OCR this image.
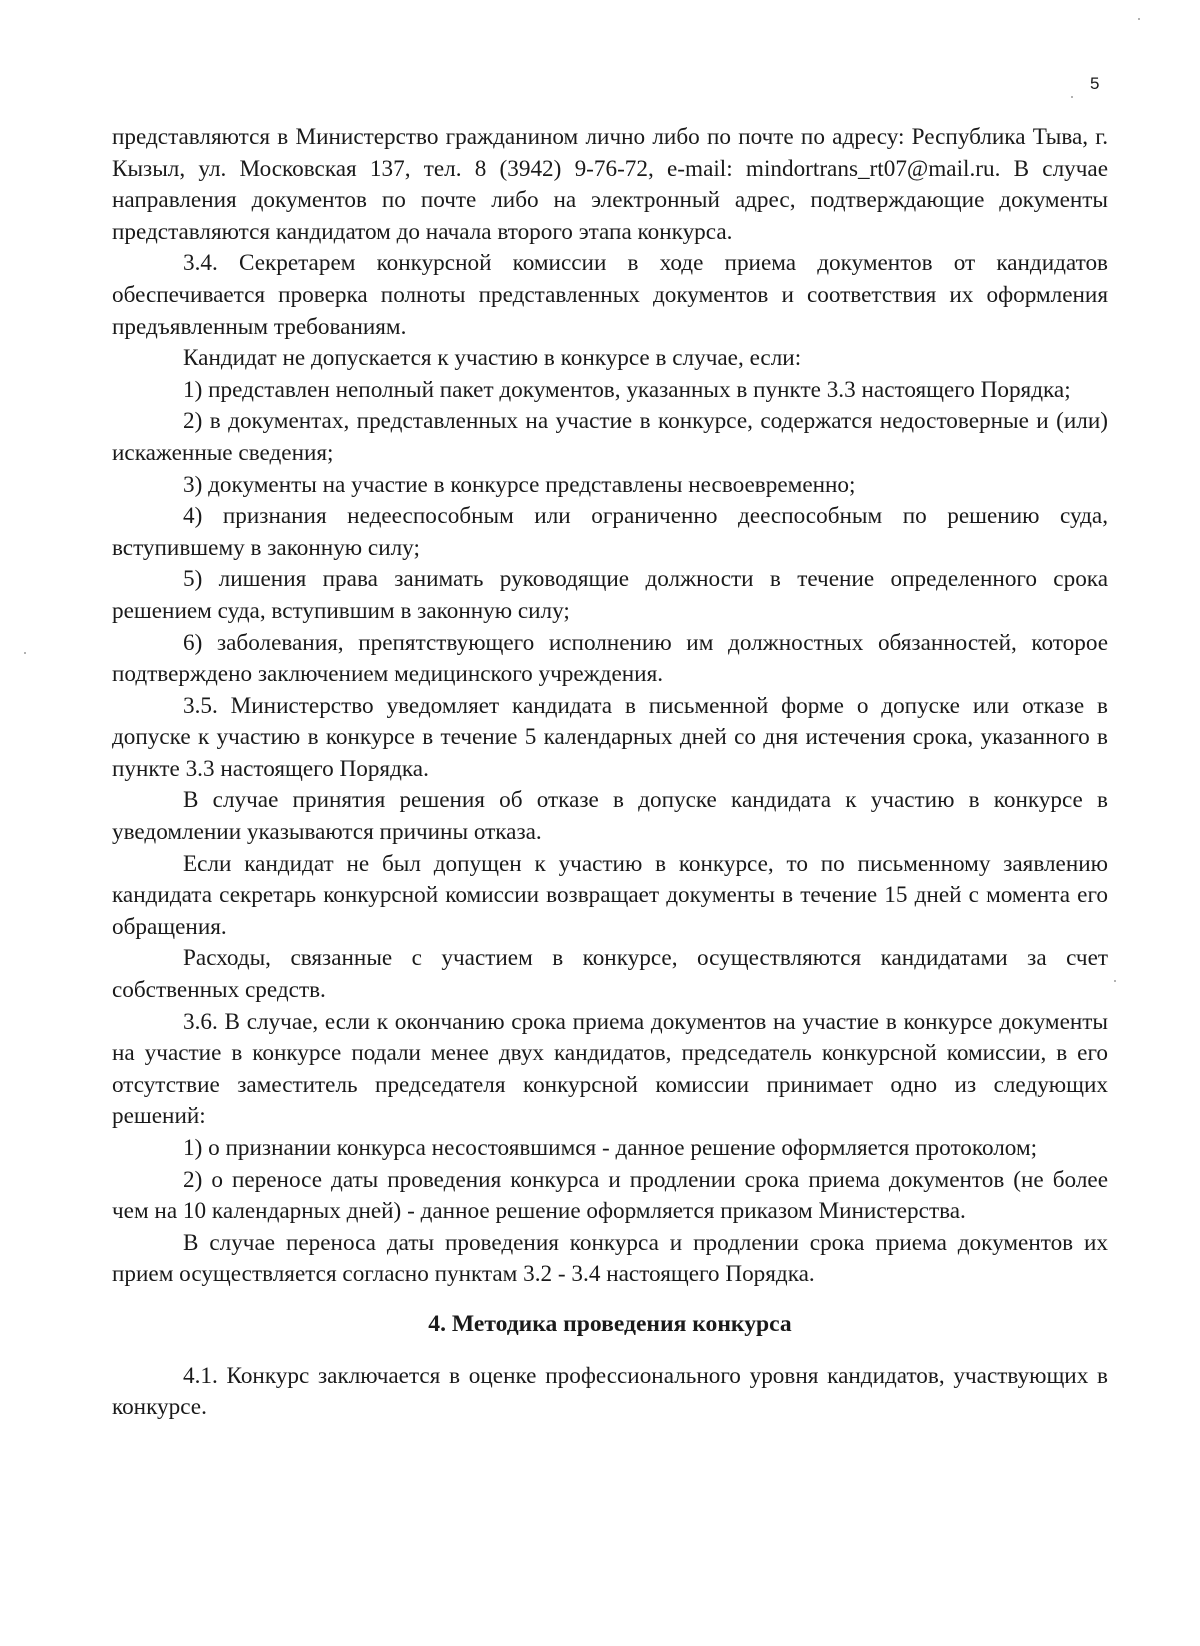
5

представляются в Министерство гражданином лично либо по почте по адресу: Республика Тыва, г. Кызыл, ул. Московская 137, тел. 8 (3942) 9-76-72, e-mail: mindortrans_rt07@mail.ru. В случае направления документов по почте либо на электронный адрес, подтверждающие документы представляются кандидатом до начала второго этапа конкурса.

3.4. Секретарем конкурсной комиссии в ходе приема документов от кандидатов обеспечивается проверка полноты представленных документов и соответствия их оформления предъявленным требованиям.

Кандидат не допускается к участию в конкурсе в случае, если:

1) представлен неполный пакет документов, указанных в пункте 3.3 настоящего Порядка;

2) в документах, представленных на участие в конкурсе, содержатся недостоверные и (или) искаженные сведения;

3) документы на участие в конкурсе представлены несвоевременно;

4) признания недееспособным или ограниченно дееспособным по решению суда, вступившему в законную силу;

5) лишения права занимать руководящие должности в течение определенного срока решением суда, вступившим в законную силу;

6) заболевания, препятствующего исполнению им должностных обязанностей, которое подтверждено заключением медицинского учреждения.

3.5. Министерство уведомляет кандидата в письменной форме о допуске или отказе в допуске к участию в конкурсе в течение 5 календарных дней со дня истечения срока, указанного в пункте 3.3 настоящего Порядка.

В случае принятия решения об отказе в допуске кандидата к участию в конкурсе в уведомлении указываются причины отказа.

Если кандидат не был допущен к участию в конкурсе, то по письменному заявлению кандидата секретарь конкурсной комиссии возвращает документы в течение 15 дней с момента его обращения.

Расходы, связанные с участием в конкурсе, осуществляются кандидатами за счет собственных средств.

3.6. В случае, если к окончанию срока приема документов на участие в конкурсе документы на участие в конкурсе подали менее двух кандидатов, председатель конкурсной комиссии, в его отсутствие заместитель председателя конкурсной комиссии принимает одно из следующих решений:

1) о признании конкурса несостоявшимся - данное решение оформляется протоколом;

2) о переносе даты проведения конкурса и продлении срока приема документов (не более чем на 10 календарных дней) - данное решение оформляется приказом Министерства.

В случае переноса даты проведения конкурса и продлении срока приема документов их прием осуществляется согласно пунктам 3.2 - 3.4 настоящего Порядка.

4. Методика проведения конкурса

4.1. Конкурс заключается в оценке профессионального уровня кандидатов, участвующих в конкурсе.
